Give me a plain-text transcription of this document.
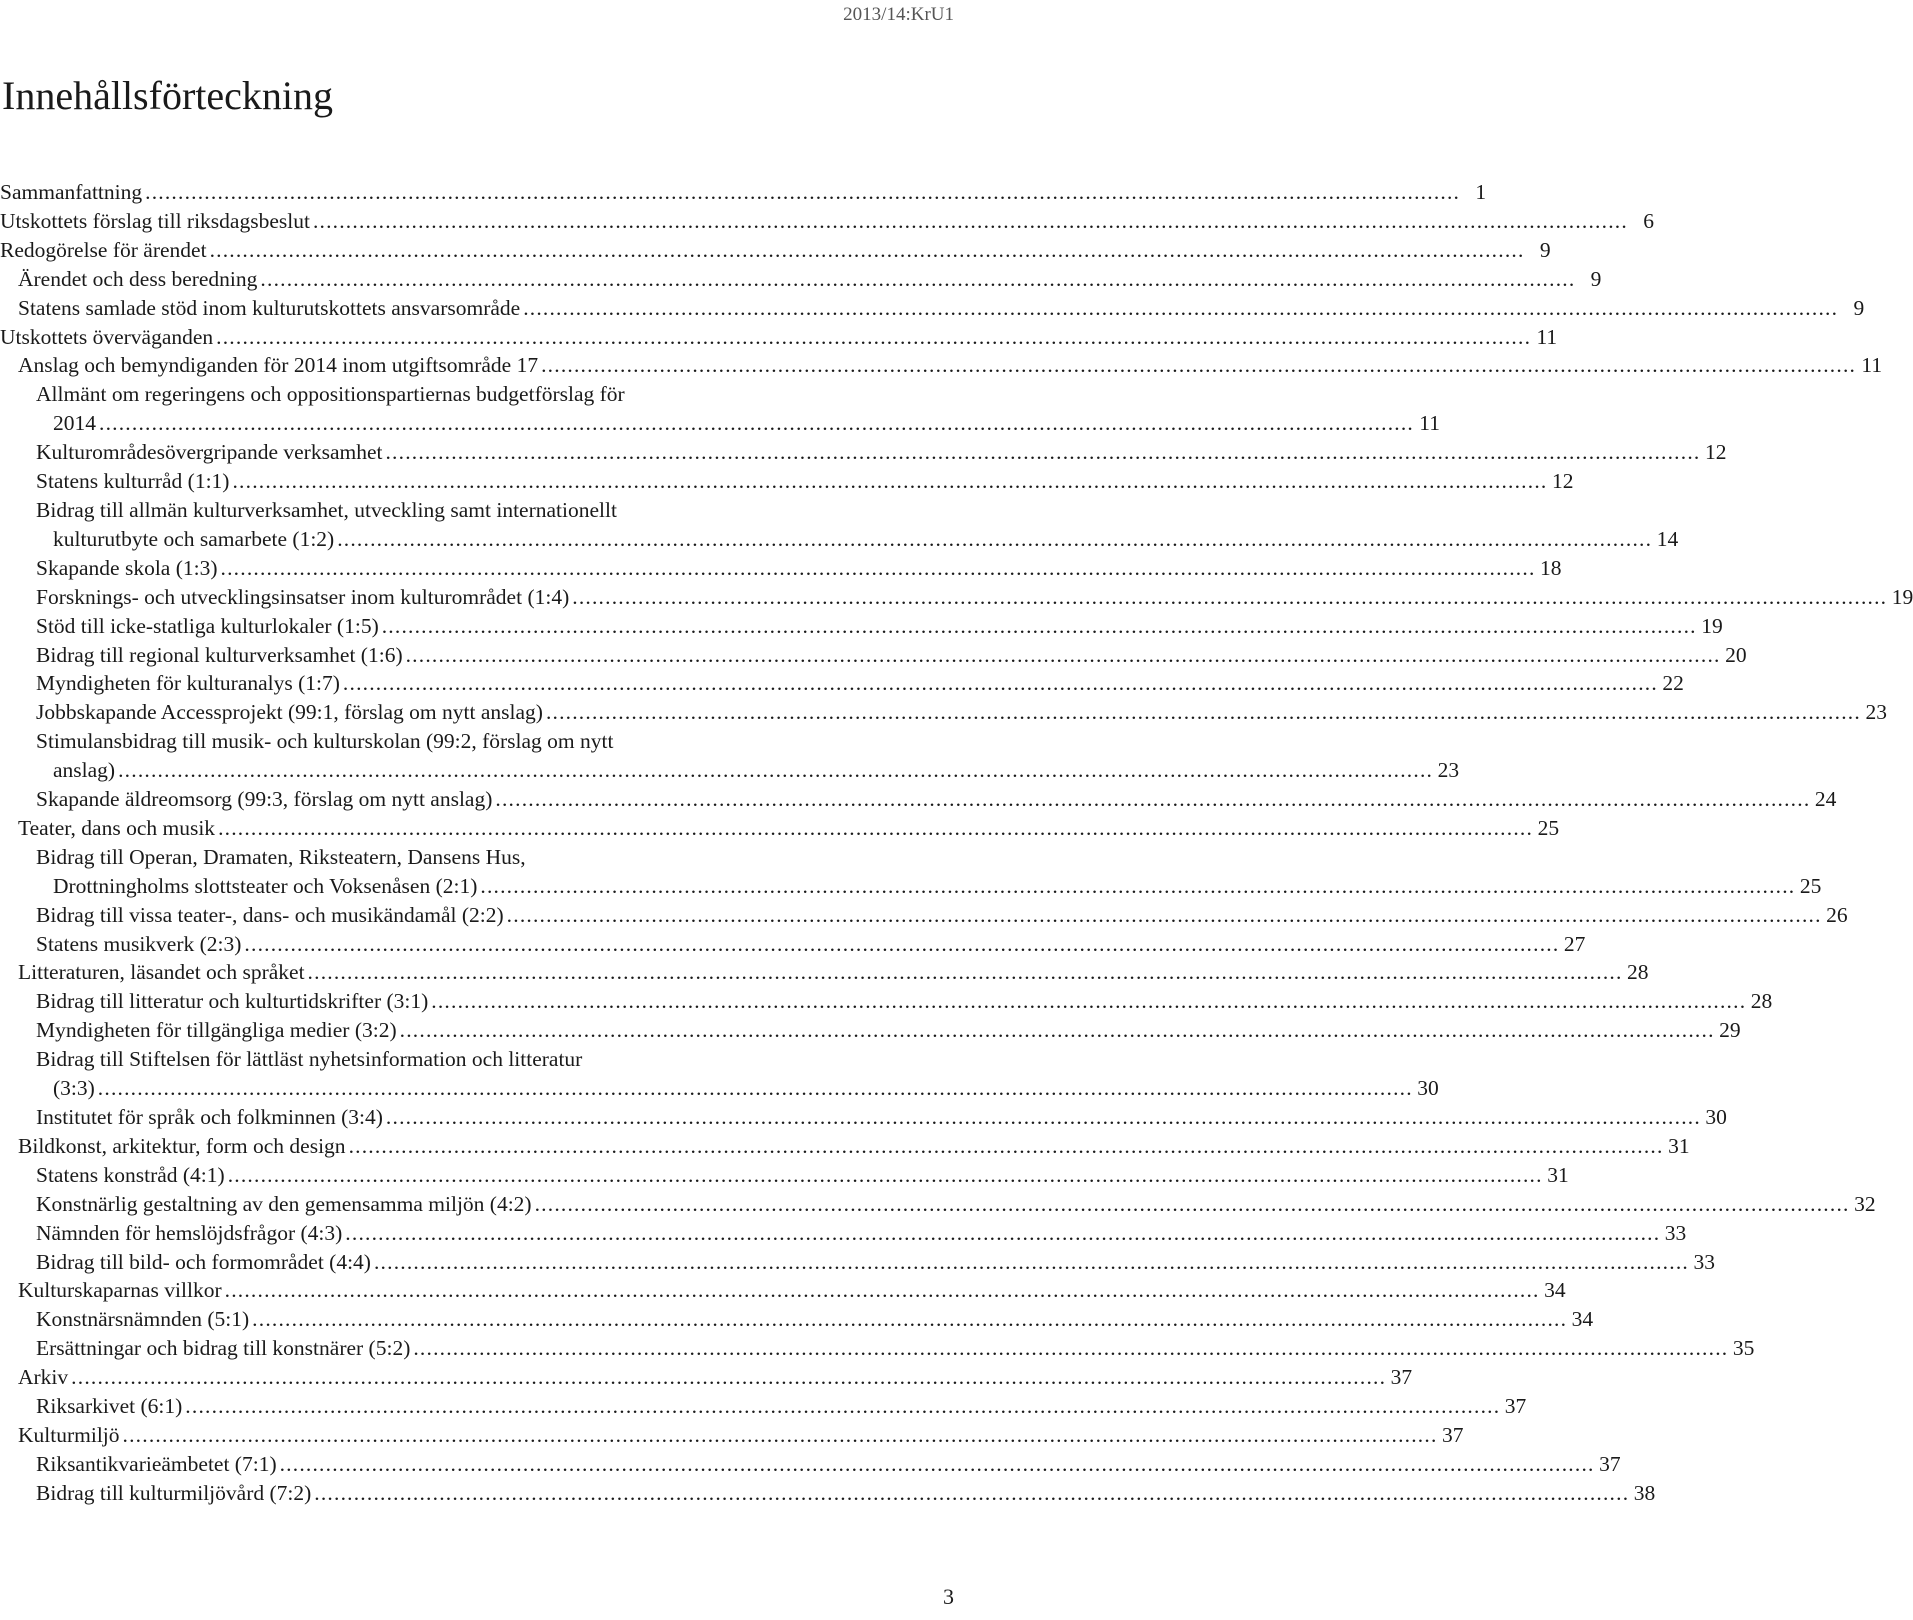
2013/14:KrU1
Innehållsförteckning
Sammanfattning ........................................................................................................................................................................................................ 1
Utskottets förslag till riksdagsbeslut ........................................................................................................................................................................................................ 6
Redogörelse för ärendet ........................................................................................................................................................................................................ 9
Ärendet och dess beredning ........................................................................................................................................................................................................ 9
Statens samlade stöd inom kulturutskottets ansvarsområde ........................................................................................................................................................................................................ 9
Utskottets överväganden ........................................................................................................................................................................................................ 11
Anslag och bemyndiganden för 2014 inom utgiftsområde 17 ........................................................................................................................................................................................................ 11
Allmänt om regeringens och oppositionspartiernas budgetförslag för
2014 ........................................................................................................................................................................................................ 11
Kulturområdesövergripande verksamhet ........................................................................................................................................................................................................ 12
Statens kulturråd (1:1) ........................................................................................................................................................................................................ 12
Bidrag till allmän kulturverksamhet, utveckling samt internationellt
kulturutbyte och samarbete (1:2) ........................................................................................................................................................................................................ 14
Skapande skola (1:3) ........................................................................................................................................................................................................ 18
Forsknings- och utvecklingsinsatser inom kulturområdet (1:4) ........................................................................................................................................................................................................ 19
Stöd till icke-statliga kulturlokaler (1:5) ........................................................................................................................................................................................................ 19
Bidrag till regional kulturverksamhet (1:6) ........................................................................................................................................................................................................ 20
Myndigheten för kulturanalys (1:7) ........................................................................................................................................................................................................ 22
Jobbskapande Accessprojekt (99:1, förslag om nytt anslag) ........................................................................................................................................................................................................ 23
Stimulansbidrag till musik- och kulturskolan (99:2, förslag om nytt
anslag) ........................................................................................................................................................................................................ 23
Skapande äldreomsorg (99:3, förslag om nytt anslag) ........................................................................................................................................................................................................ 24
Teater, dans och musik ........................................................................................................................................................................................................ 25
Bidrag till Operan, Dramaten, Riksteatern, Dansens Hus,
Drottningholms slottsteater och Voksenåsen (2:1) ........................................................................................................................................................................................................ 25
Bidrag till vissa teater-, dans- och musikändamål (2:2) ........................................................................................................................................................................................................ 26
Statens musikverk (2:3) ........................................................................................................................................................................................................ 27
Litteraturen, läsandet och språket ........................................................................................................................................................................................................ 28
Bidrag till litteratur och kulturtidskrifter (3:1) ........................................................................................................................................................................................................ 28
Myndigheten för tillgängliga medier (3:2) ........................................................................................................................................................................................................ 29
Bidrag till Stiftelsen för lättläst nyhetsinformation och litteratur
(3:3) ........................................................................................................................................................................................................ 30
Institutet för språk och folkminnen (3:4) ........................................................................................................................................................................................................ 30
Bildkonst, arkitektur, form och design ........................................................................................................................................................................................................ 31
Statens konstråd (4:1) ........................................................................................................................................................................................................ 31
Konstnärlig gestaltning av den gemensamma miljön (4:2) ........................................................................................................................................................................................................ 32
Nämnden för hemslöjdsfrågor (4:3) ........................................................................................................................................................................................................ 33
Bidrag till bild- och formområdet (4:4) ........................................................................................................................................................................................................ 33
Kulturskaparnas villkor ........................................................................................................................................................................................................ 34
Konstnärsnämnden (5:1) ........................................................................................................................................................................................................ 34
Ersättningar och bidrag till konstnärer (5:2) ........................................................................................................................................................................................................ 35
Arkiv ........................................................................................................................................................................................................ 37
Riksarkivet (6:1) ........................................................................................................................................................................................................ 37
Kulturmiljö ........................................................................................................................................................................................................ 37
Riksantikvarieämbetet (7:1) ........................................................................................................................................................................................................ 37
Bidrag till kulturmiljövård (7:2) ........................................................................................................................................................................................................ 38
3
